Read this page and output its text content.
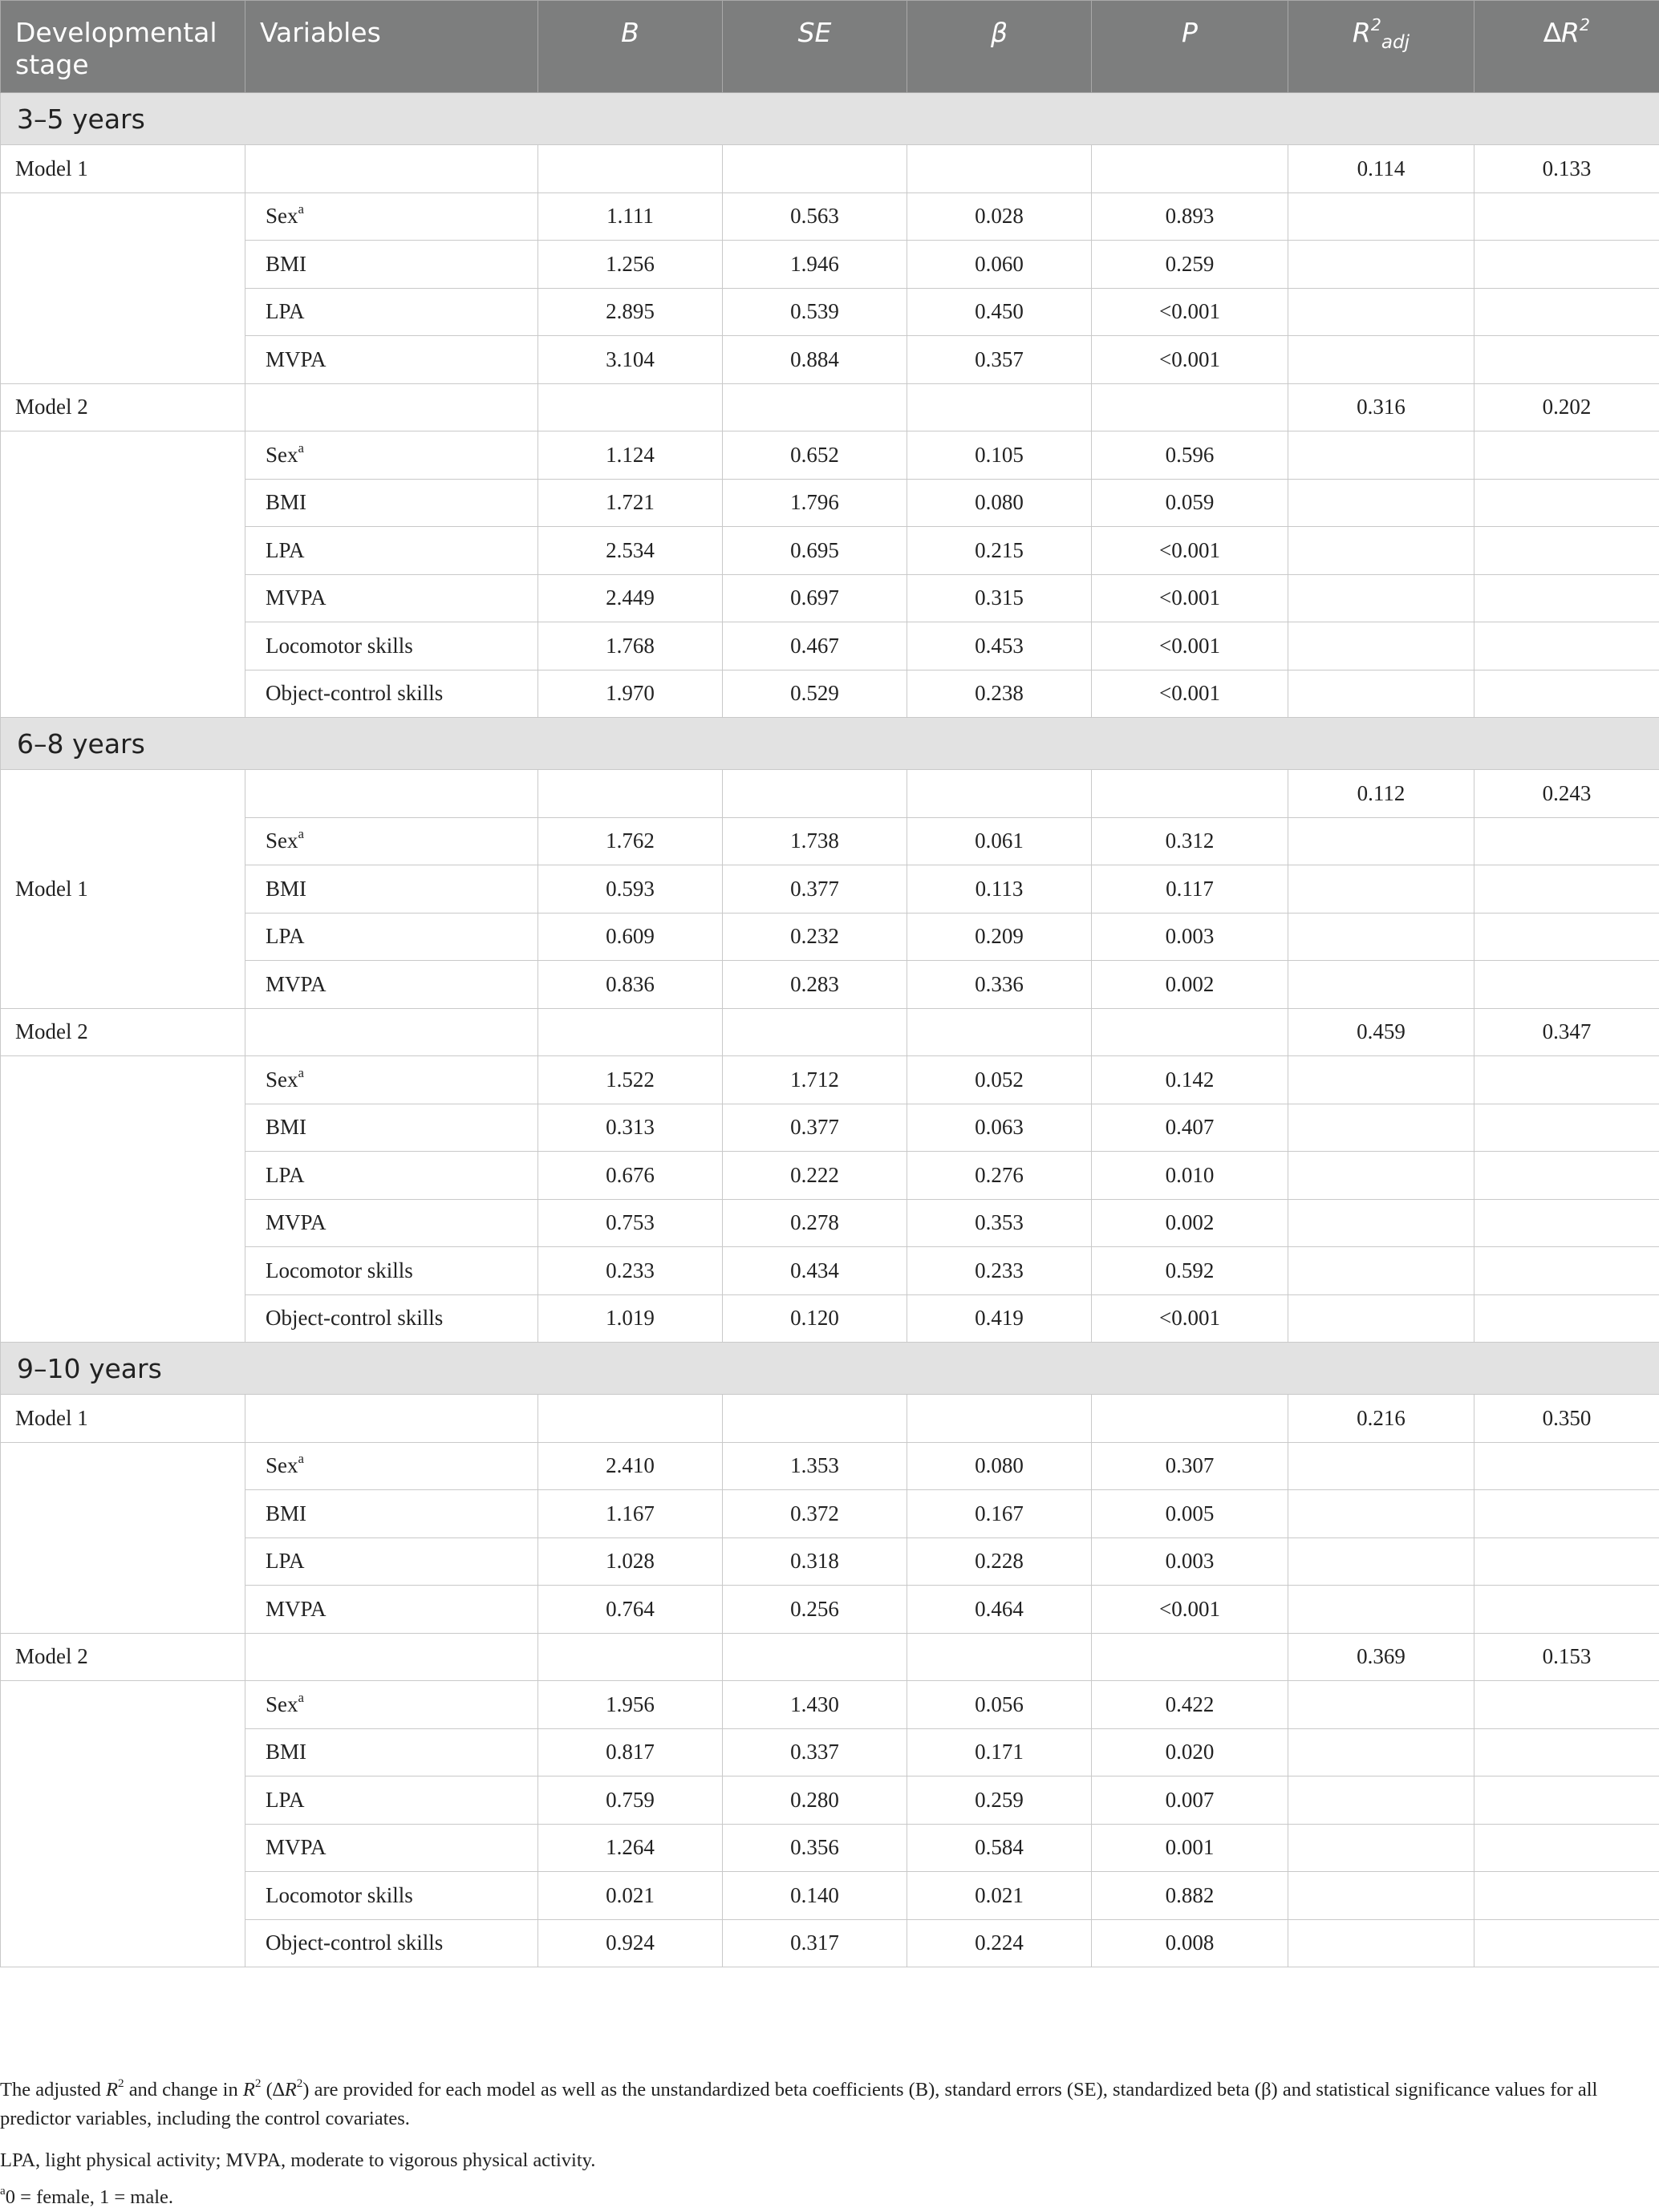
Developmental stage	Variables	B	SE	β	P	$R^2_{adj}$	$\Delta R^2$
3–5 years							
Model 1						0.114	0.133
	Sex$^a$	1.111	0.563	0.028	0.893		
	BMI	1.256	1.946	0.060	0.259		
	LPA	2.895	0.539	0.450	<0.001		
	MVPA	3.104	0.884	0.357	<0.001		
Model 2						0.316	0.202
	Sex$^a$	1.124	0.652	0.105	0.596		
	BMI	1.721	1.796	0.080	0.059		
	LPA	2.534	0.695	0.215	<0.001		
	MVPA	2.449	0.697	0.315	<0.001		
	Locomotor skills	1.768	0.467	0.453	<0.001		
	Object-control skills	1.970	0.529	0.238	<0.001		
6–8 years							
Model 1						0.112	0.243
	Sex$^a$	1.762	1.738	0.061	0.312		
	BMI	0.593	0.377	0.113	0.117		
	LPA	0.609	0.232	0.209	0.003		
	MVPA	0.836	0.283	0.336	0.002		
Model 2						0.459	0.347
	Sex$^a$	1.522	1.712	0.052	0.142		
	BMI	0.313	0.377	0.063	0.407		
	LPA	0.676	0.222	0.276	0.010		
	MVPA	0.753	0.278	0.353	0.002		
	Locomotor skills	0.233	0.434	0.233	0.592		
	Object-control skills	1.019	0.120	0.419	<0.001		
9–10 years							
Model 1						0.216	0.350
	Sex$^a$	2.410	1.353	0.080	0.307		
	BMI	1.167	0.372	0.167	0.005		
	LPA	1.028	0.318	0.228	0.003		
	MVPA	0.764	0.256	0.464	<0.001		
Model 2						0.369	0.153
	Sex$^a$	1.956	1.430	0.056	0.422		
	BMI	0.817	0.337	0.171	0.020		
	LPA	0.759	0.280	0.259	0.007		
	MVPA	1.264	0.356	0.584	0.001		
	Locomotor skills	0.021	0.140	0.021	0.882		
	Object-control skills	0.924	0.317	0.224	0.008		

The adjusted $R^2$ and change in $R^2$ $(\Delta R^2)$ are provided for each model as well as the unstandardized beta coefficients (B), standard errors (SE), standardized beta (β) and statistical significance values for all predictor variables, including the control covariates.

LPA, light physical activity; MVPA, moderate to vigorous physical activity.

$^a$0 = female, 1 = male.
